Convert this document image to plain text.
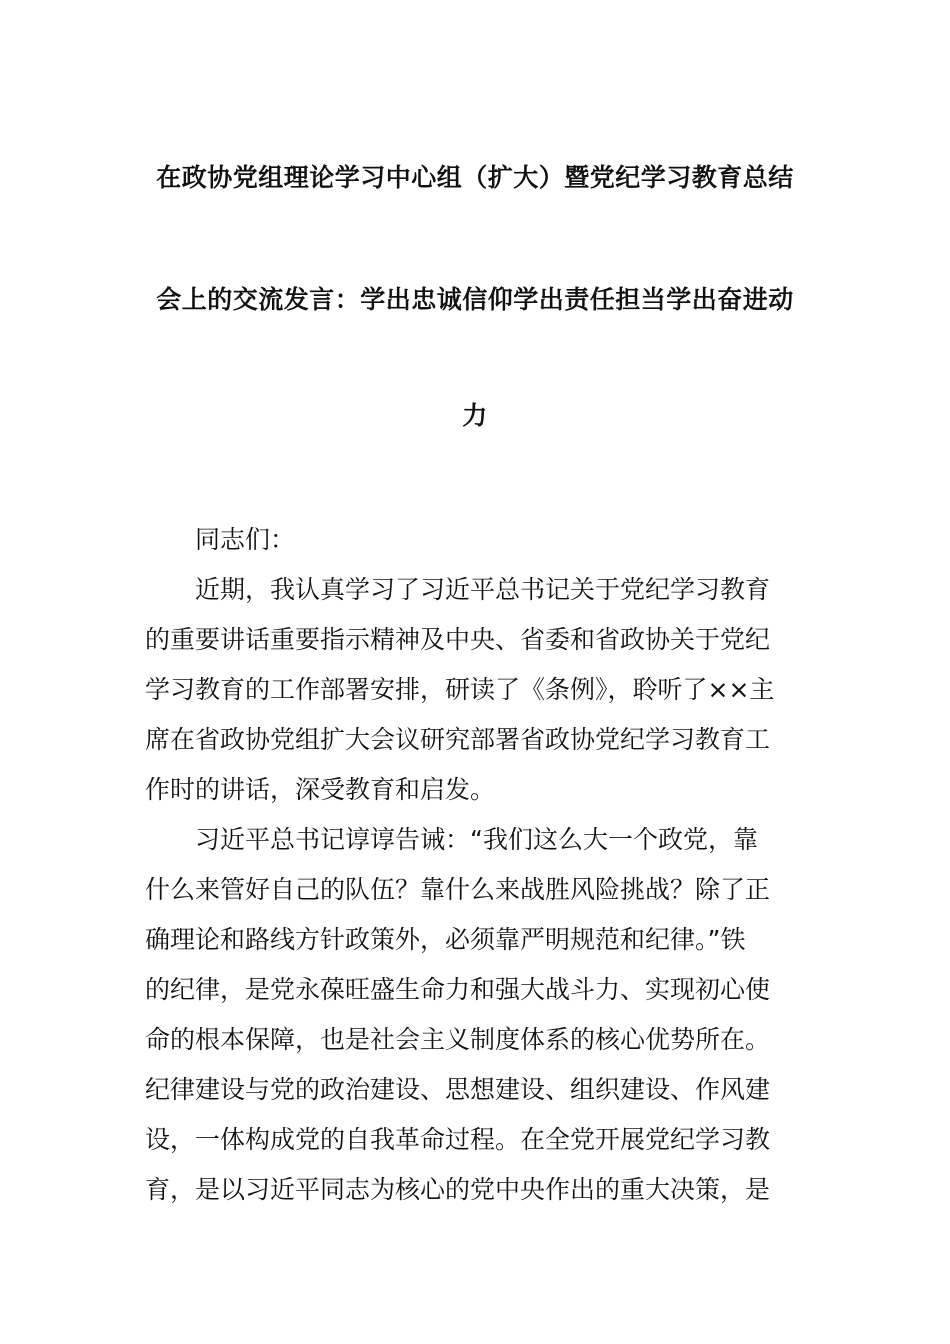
在政协党组理论学习中心组（扩大）暨党纪学习教育总结
会上的交流发言：学出忠诚信仰学出责任担当学出奋进动
力
同志们：
近期，我认真学习了习近平总书记关于党纪学习教育
的重要讲话重要指示精神及中央、省委和省政协关于党纪
学习教育的工作部署安排，研读了《条例》，聆听了××主
席在省政协党组扩大会议研究部署省政协党纪学习教育工
作时的讲话，深受教育和启发。
习近平总书记谆谆告诫：“我们这么大一个政党，靠
什么来管好自己的队伍？靠什么来战胜风险挑战？除了正
确理论和路线方针政策外，必须靠严明规范和纪律。”铁
的纪律，是党永葆旺盛生命力和强大战斗力、实现初心使
命的根本保障，也是社会主义制度体系的核心优势所在。
纪律建设与党的政治建设、思想建设、组织建设、作风建
设，一体构成党的自我革命过程。在全党开展党纪学习教
育，是以习近平同志为核心的党中央作出的重大决策，是
